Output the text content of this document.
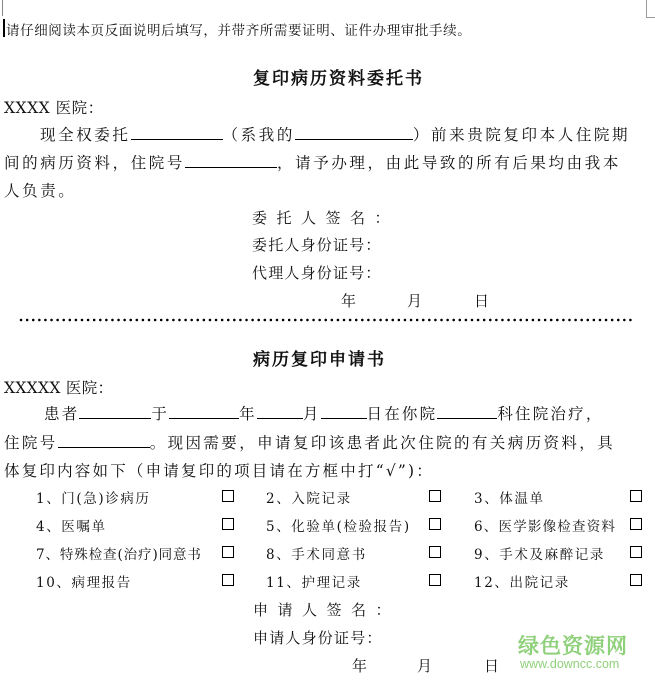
请仔细阅读本页反面说明后填写，并带齐所需要证明、证件办理审批手续。
复印病历资料委托书
XXXX 医院：
现全权委托	（系我的	）前来贵院复印本人住院期
间的病历资料，住院号	，请予办理，由此导致的所有后果均由我本
人负责。
委托人签名：
委托人身份证号：
代理人身份证号：
年	月	日
病历复印申请书
XXXXX 医院：
患者	于	年	月	日在你院	科住院治疗，
住院号	。现因需要，申请复印该患者此次住院的有关病历资料，具
体复印内容如下（申请复印的项目请在方框中打“√”)：
1、门(急)诊病历	2、入院记录	3、体温单
4、医嘱单	5、化验单(检验报告)	6、医学影像检查资料
7、特殊检查(治疗)同意书	8、手术同意书	9、手术及麻醉记录
10、病理报告	11、护理记录	12、出院记录
申请人签名：
申请人身份证号：
年	月	日
绿色资源网
www.downcc.com
